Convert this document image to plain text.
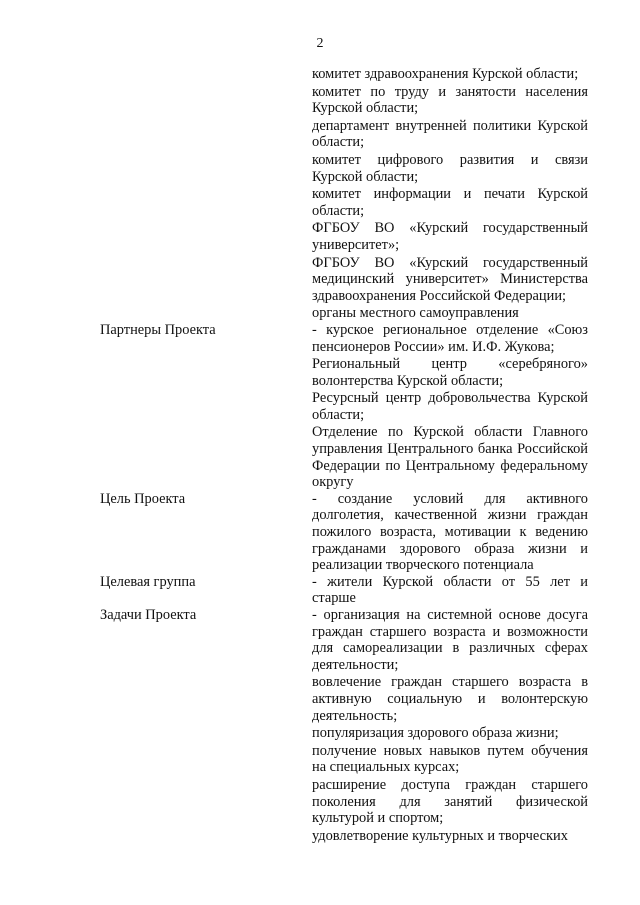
2

комитет здравоохранения Курской области;

комитет по труду и занятости населения Курской области;

департамент внутренней политики Курской области;

комитет цифрового развития и связи Курской области;

комитет информации и печати Курской области;

ФГБОУ ВО «Курский государственный университет»;

ФГБОУ ВО «Курский государственный медицинский университет» Министерства здравоохранения Российской Федерации;

органы местного самоуправления

Партнеры Проекта	- курское региональное отделение «Союз пенсионеров России» им. И.Ф. Жукова;

Региональный центр «серебряного» волонтерства Курской области;

Ресурсный центр добровольчества Курской области;

Отделение по Курской области Главного управления Центрального банка Российской Федерации по Центральному федеральному округу

Цель Проекта	- создание условий для активного долголетия, качественной жизни граждан пожилого возраста, мотивации к ведению гражданами здорового образа жизни и реализации творческого потенциала

Целевая группа	- жители Курской области от 55 лет и старше

Задачи Проекта	- организация на системной основе досуга граждан старшего возраста и возможности для самореализации в различных сферах деятельности;

вовлечение граждан старшего возраста в активную социальную и волонтерскую деятельность;

популяризация здорового образа жизни;

получение новых навыков путем обучения на специальных курсах;

расширение доступа граждан старшего поколения для занятий физической культурой и спортом;

удовлетворение культурных и творческих
